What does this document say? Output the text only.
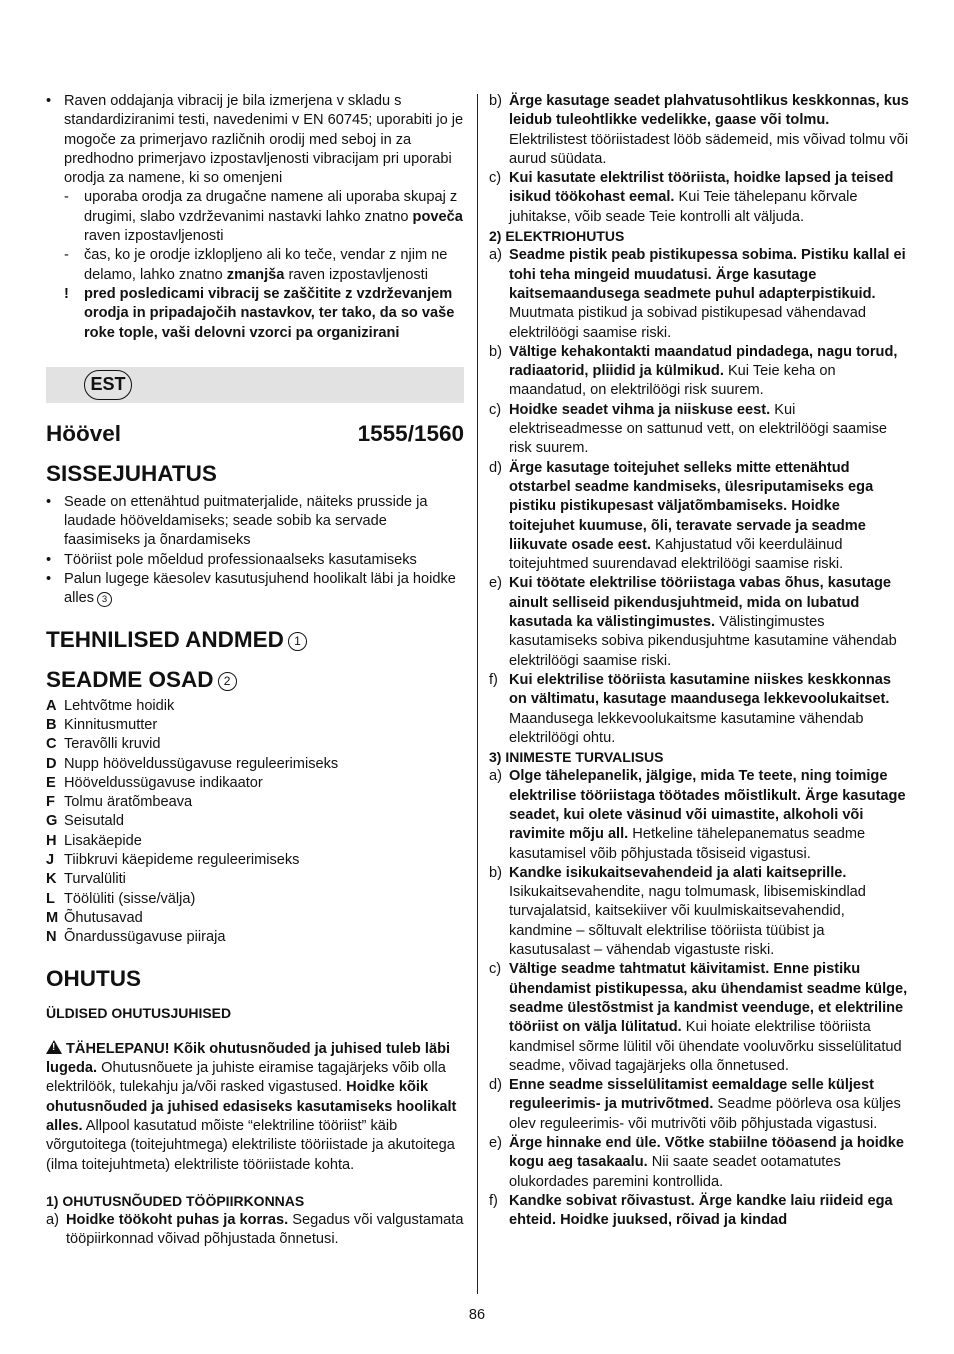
• Raven oddajanja vibracij je bila izmerjena v skladu s standardiziranimi testi, navedenimi v EN 60745; uporabiti jo je mogoče za primerjavo različnih orodij med seboj in za predhodno primerjavo izpostavljenosti vibracijam pri uporabi orodja za namene, ki so omenjeni
- uporaba orodja za drugačne namene ali uporaba skupaj z drugimi, slabo vzdrževanimi nastavki lahko znatno poveča raven izpostavljenosti
- čas, ko je orodje izklopljeno ali ko teče, vendar z njim ne delamo, lahko znatno zmanjša raven izpostavljenosti
! pred posledicami vibracij se zaščitite z vzdrževanjem orodja in pripadajočih nastavkov, ter tako, da so vaše roke tople, vaši delovni vzorci pa organizirani
EST
Höövel	1555/1560
SISSEJUHATUS
• Seade on ettenähtud puitmaterjalide, näiteks prusside ja laudade hööveldamiseks; seade sobib ka servade faasimiseks ja õnardamiseks
• Tööriist pole mõeldud professionaalseks kasutamiseks
• Palun lugege käesolev kasutusjuhend hoolikalt läbi ja hoidke alles 3
TEHNILISED ANDMED 1
SEADME OSAD 2
A Lehtvõtme hoidik
B Kinnitusmutter
C Teravõlli kruvid
D Nupp hööveldussügavuse reguleerimiseks
E Hööveldussügavuse indikaator
F Tolmu äratõmbeava
G Seisutald
H Lisakäepide
J Tiibkruvi käepideme reguleerimiseks
K Turvalüliti
L Töölüliti (sisse/välja)
M Õhutusavad
N Õnardussügavuse piiraja
OHUTUS
ÜLDISED OHUTUSJUHISED
!TÄHELEPANU! Kõik ohutusnõuded ja juhised tuleb läbi lugeda. Ohutusnõuete ja juhiste eiramise tagajärjeks võib olla elektrilöök, tulekahju ja/või rasked vigastused. Hoidke kõik ohutusnõuded ja juhised edasiseks kasutamiseks hoolikalt alles. Allpool kasutatud mõiste “elektriline tööriist” käib võrgutoitega (toitejuhtmega) elektriliste tööriistade ja akutoitega (ilma toitejuhtmeta) elektriliste tööriistade kohta.
1) OHUTUSNÕUDED TÖÖPIIRKONNAS
a) Hoidke töökoht puhas ja korras. Segadus või valgustamata tööpiirkonnad võivad põhjustada õnnetusi.
b) Ärge kasutage seadet plahvatusohtlikus keskkonnas, kus leidub tuleohtlikke vedelikke, gaase või tolmu. Elektrilistest tööriistadest lööb sädemeid, mis võivad tolmu või aurud süüdata.
c) Kui kasutate elektrilist tööriista, hoidke lapsed ja teised isikud töökohast eemal. Kui Teie tähelepanu kõrvale juhitakse, võib seade Teie kontrolli alt väljuda.
2) ELEKTRIOHUTUS
a) Seadme pistik peab pistikupessa sobima. Pistiku kallal ei tohi teha mingeid muudatusi. Ärge kasutage kaitsemaandusega seadmete puhul adapterpistikuid. Muutmata pistikud ja sobivad pistikupesad vähendavad elektrilöögi saamise riski.
b) Vältige kehakontakti maandatud pindadega, nagu torud, radiaatorid, pliidid ja külmikud. Kui Teie keha on maandatud, on elektrilöögi risk suurem.
c) Hoidke seadet vihma ja niiskuse eest. Kui elektriseadmesse on sattunud vett, on elektrilöögi saamise risk suurem.
d) Ärge kasutage toitejuhet selleks mitte ettenähtud otstarbel seadme kandmiseks, ülesriputamiseks ega pistiku pistikupesast väljatõmbamiseks. Hoidke toitejuhet kuumuse, õli, teravate servade ja seadme liikuvate osade eest. Kahjustatud või keerduläinud toitejuhtmed suurendavad elektrilöögi saamise riski.
e) Kui töötate elektrilise tööriistaga vabas õhus, kasutage ainult selliseid pikendusjuhtmeid, mida on lubatud kasutada ka välistingimustes. Välistingimustes kasutamiseks sobiva pikendusjuhtme kasutamine vähendab elektrilöögi saamise riski.
f) Kui elektrilise tööriista kasutamine niiskes keskkonnas on vältimatu, kasutage maandusega lekkevoolukaitset. Maandusega lekkevoolukaitsme kasutamine vähendab elektrilöögi ohtu.
3) INIMESTE TURVALISUS
a) Olge tähelepanelik, jälgige, mida Te teete, ning toimige elektrilise tööriistaga töötades mõistlikult. Ärge kasutage seadet, kui olete väsinud või uimastite, alkoholi või ravimite mõju all. Hetkeline tähelepanematus seadme kasutamisel võib põhjustada tõsiseid vigastusi.
b) Kandke isikukaitsevahendeid ja alati kaitseprille. Isikukaitsevahendite, nagu tolmumask, libisemiskindlad turvajalatsid, kaitsekiiver või kuulmiskaitsevahendid, kandmine – sõltuvalt elektrilise tööriista tüübist ja kasutusalast – vähendab vigastuste riski.
c) Vältige seadme tahtmatut käivitamist. Enne pistiku ühendamist pistikupessa, aku ühendamist seadme külge, seadme ülestõstmist ja kandmist veenduge, et elektriline tööriist on välja lülitatud. Kui hoiate elektrilise tööriista kandmisel sõrme lülitil või ühendate vooluvõrku sisselülitatud seadme, võivad tagajärjeks olla õnnetused.
d) Enne seadme sisselülitamist eemaldage selle küljest reguleerimis- ja mutrivõtmed. Seadme pöörleva osa küljes olev reguleerimis- või mutrivõti võib põhjustada vigastusi.
e) Ärge hinnake end üle. Võtke stabiilne tööasend ja hoidke kogu aeg tasakaalu. Nii saate seadet ootamatutes olukordades paremini kontrollida.
f) Kandke sobivat rõivastust. Ärge kandke laiu riideid ega ehteid. Hoidke juuksed, rõivad ja kindad
86
